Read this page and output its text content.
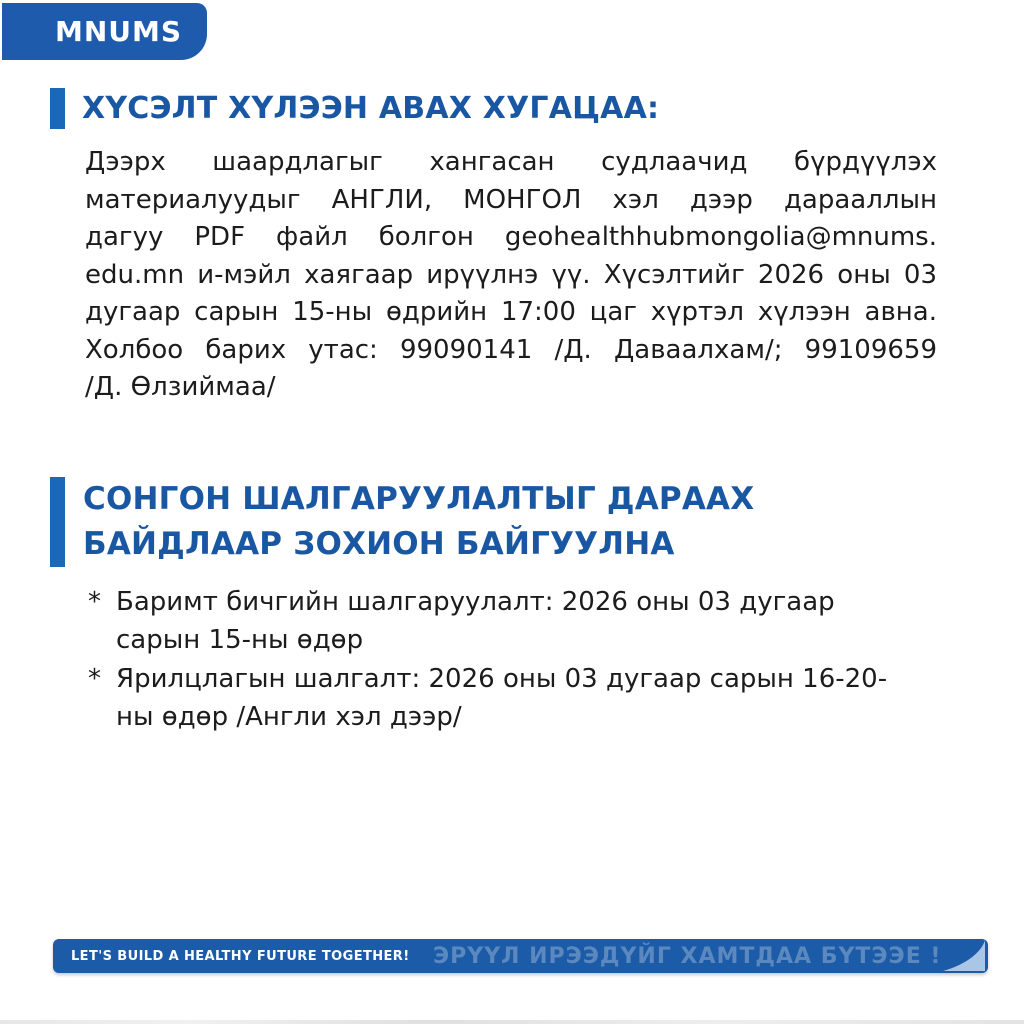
MNUMS
ХҮСЭЛТ ХҮЛЭЭН АВАХ ХУГАЦАА:
Дээрх шаардлагыг хангасан судлаачид бүрдүүлэх
материалуудыг АНГЛИ, МОНГОЛ хэл дээр дарааллын
дагуу PDF файл болгон geohealthhubmongolia@mnums.
edu.mn и-мэйл хаягаар ирүүлнэ үү. Хүсэлтийг 2026 оны 03
дугаар сарын 15-ны өдрийн 17:00 цаг хүртэл хүлээн авна.
Холбоо барих утас: 99090141 /Д. Даваалхам/; 99109659
/Д. Өлзиймаа/
СОНГОН ШАЛГАРУУЛАЛТЫГ ДАРААХ
БАЙДЛААР ЗОХИОН БАЙГУУЛНА
* Баримт бичгийн шалгаруулалт: 2026 оны 03 дугаар сарын 15-ны өдөр
* Ярилцлагын шалгалт: 2026 оны 03 дугаар сарын 16-20-ны өдөр /Англи хэл дээр/
LET'S BUILD A HEALTHY FUTURE TOGETHER! ЭРҮҮЛ ИРЭЭДҮЙГ ХАМТДАА БҮТЭЭЕ !
